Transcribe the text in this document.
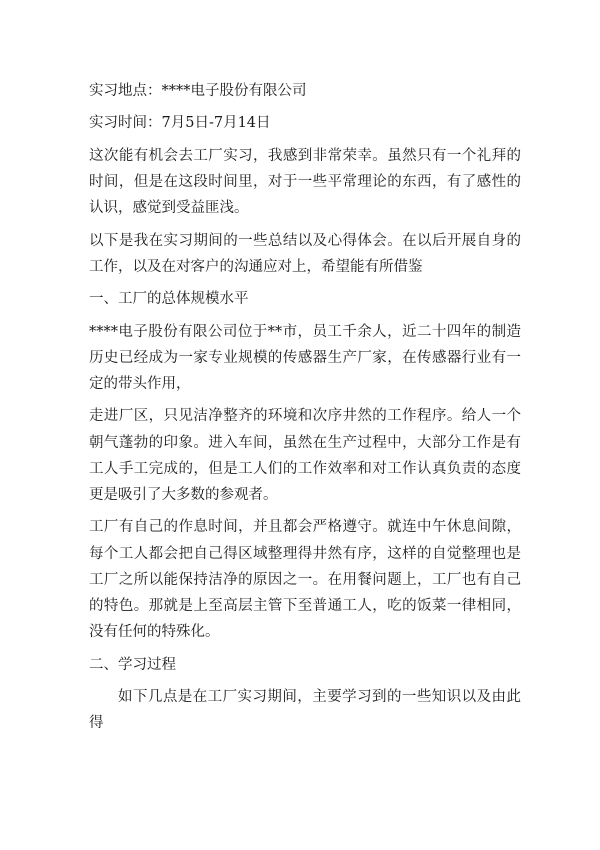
实习地点：****电子股份有限公司

实习时间：7月5日-7月14日

这次能有机会去工厂实习，我感到非常荣幸。虽然只有一个礼拜的时间，但是在这段时间里，对于一些平常理论的东西，有了感性的认识，感觉到受益匪浅。

以下是我在实习期间的一些总结以及心得体会。在以后开展自身的工作，以及在对客户的沟通应对上，希望能有所借鉴

一、工厂的总体规模水平

****电子股份有限公司位于**市，员工千余人，近二十四年的制造历史已经成为一家专业规模的传感器生产厂家，在传感器行业有一定的带头作用，

走进厂区，只见洁净整齐的环境和次序井然的工作程序。给人一个朝气蓬勃的印象。进入车间，虽然在生产过程中，大部分工作是有工人手工完成的，但是工人们的工作效率和对工作认真负责的态度更是吸引了大多数的参观者。

工厂有自己的作息时间，并且都会严格遵守。就连中午休息间隙，每个工人都会把自己得区域整理得井然有序，这样的自觉整理也是工厂之所以能保持洁净的原因之一。在用餐问题上，工厂也有自己的特色。那就是上至高层主管下至普通工人，吃的饭菜一律相同，没有任何的特殊化。

二、学习过程

如下几点是在工厂实习期间，主要学习到的一些知识以及由此得
